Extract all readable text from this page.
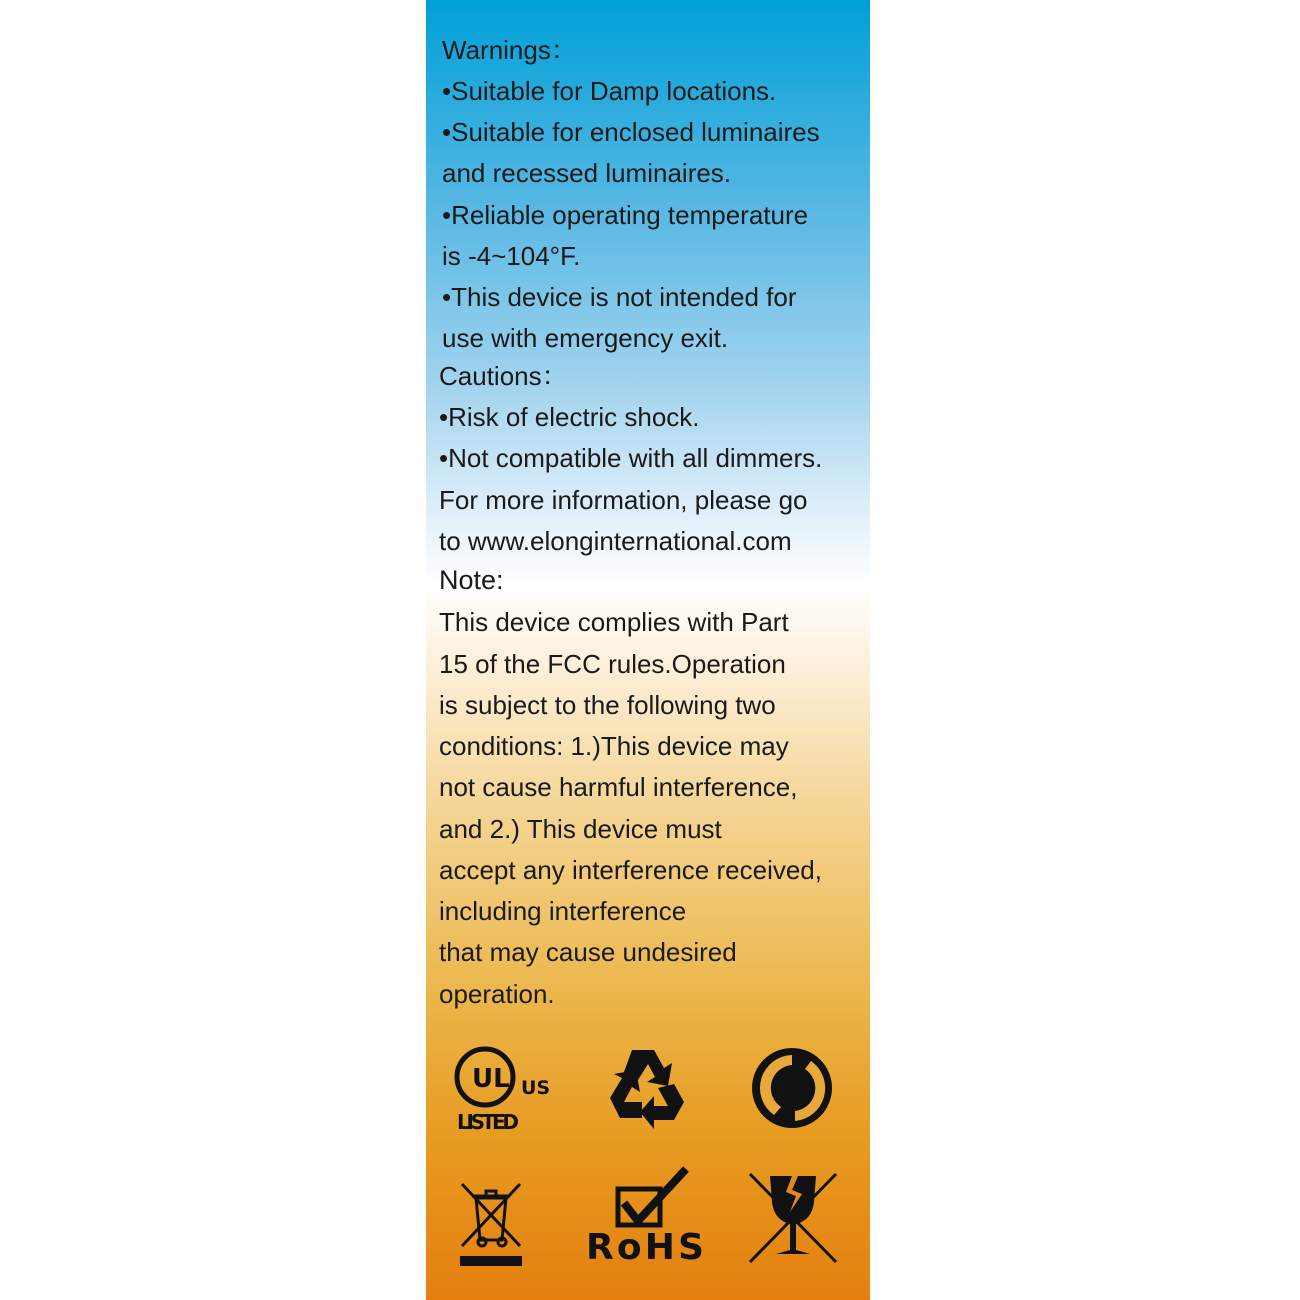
Warnings：
•Suitable for Damp locations.
•Suitable for enclosed luminaires
and recessed luminaires.
•Reliable operating temperature
is -4~104°F.
•This device is not intended for
use with emergency exit.
Cautions：
•Risk of electric shock.
•Not compatible with all dimmers.
For more information, please go
to www.elonginternational.com
Note:
This device complies with Part
15 of the FCC rules.Operation
is subject to the following two
conditions: 1.)This device may
not cause harmful interference,
and 2.) This device must
accept any interference received,
including interference
that may cause undesired
operation.
UL US
LISTED
RoHS
